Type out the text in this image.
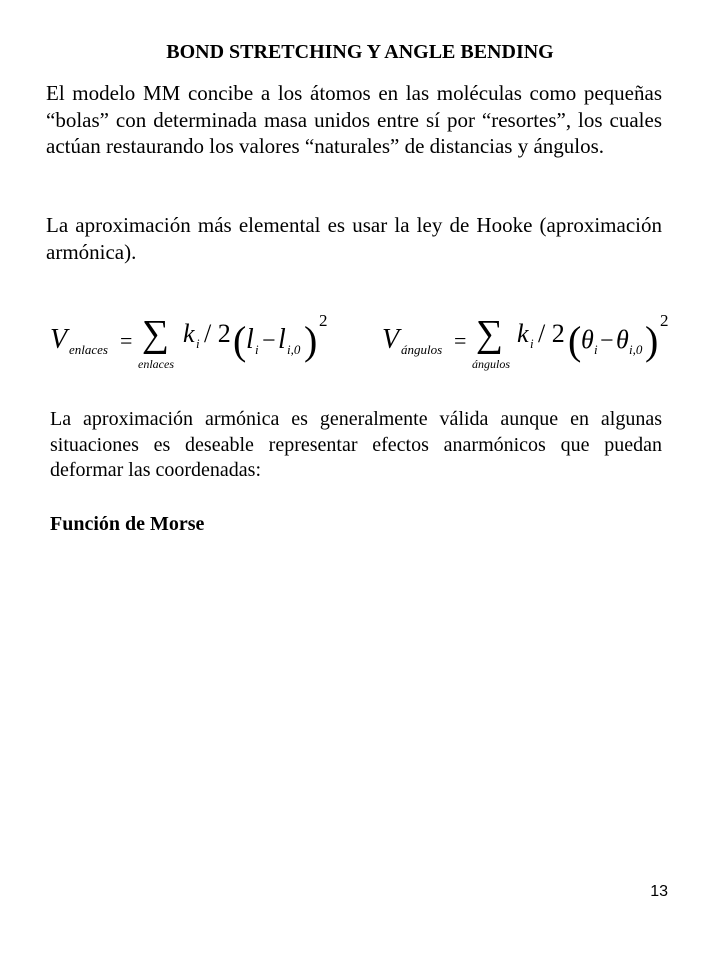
BOND STRETCHING Y ANGLE BENDING
El modelo MM concibe a los átomos en las moléculas como pequeñas “bolas” con determinada masa unidos entre sí por “resortes”, los cuales actúan restaurando los valores “naturales” de distancias y ángulos.
La aproximación más elemental es usar la ley de Hooke (aproximación armónica).
V enlaces = ∑
enlaces
k i / 2 ( l i − l i,0 ) 2
V ángulos = ∑
ángulos
k i / 2 ( θ i − θ i,0 ) 2
La aproximación armónica es generalmente válida aunque en algunas situaciones es deseable representar efectos anarmónicos que puedan deformar las coordenadas:
Función de Morse
13
